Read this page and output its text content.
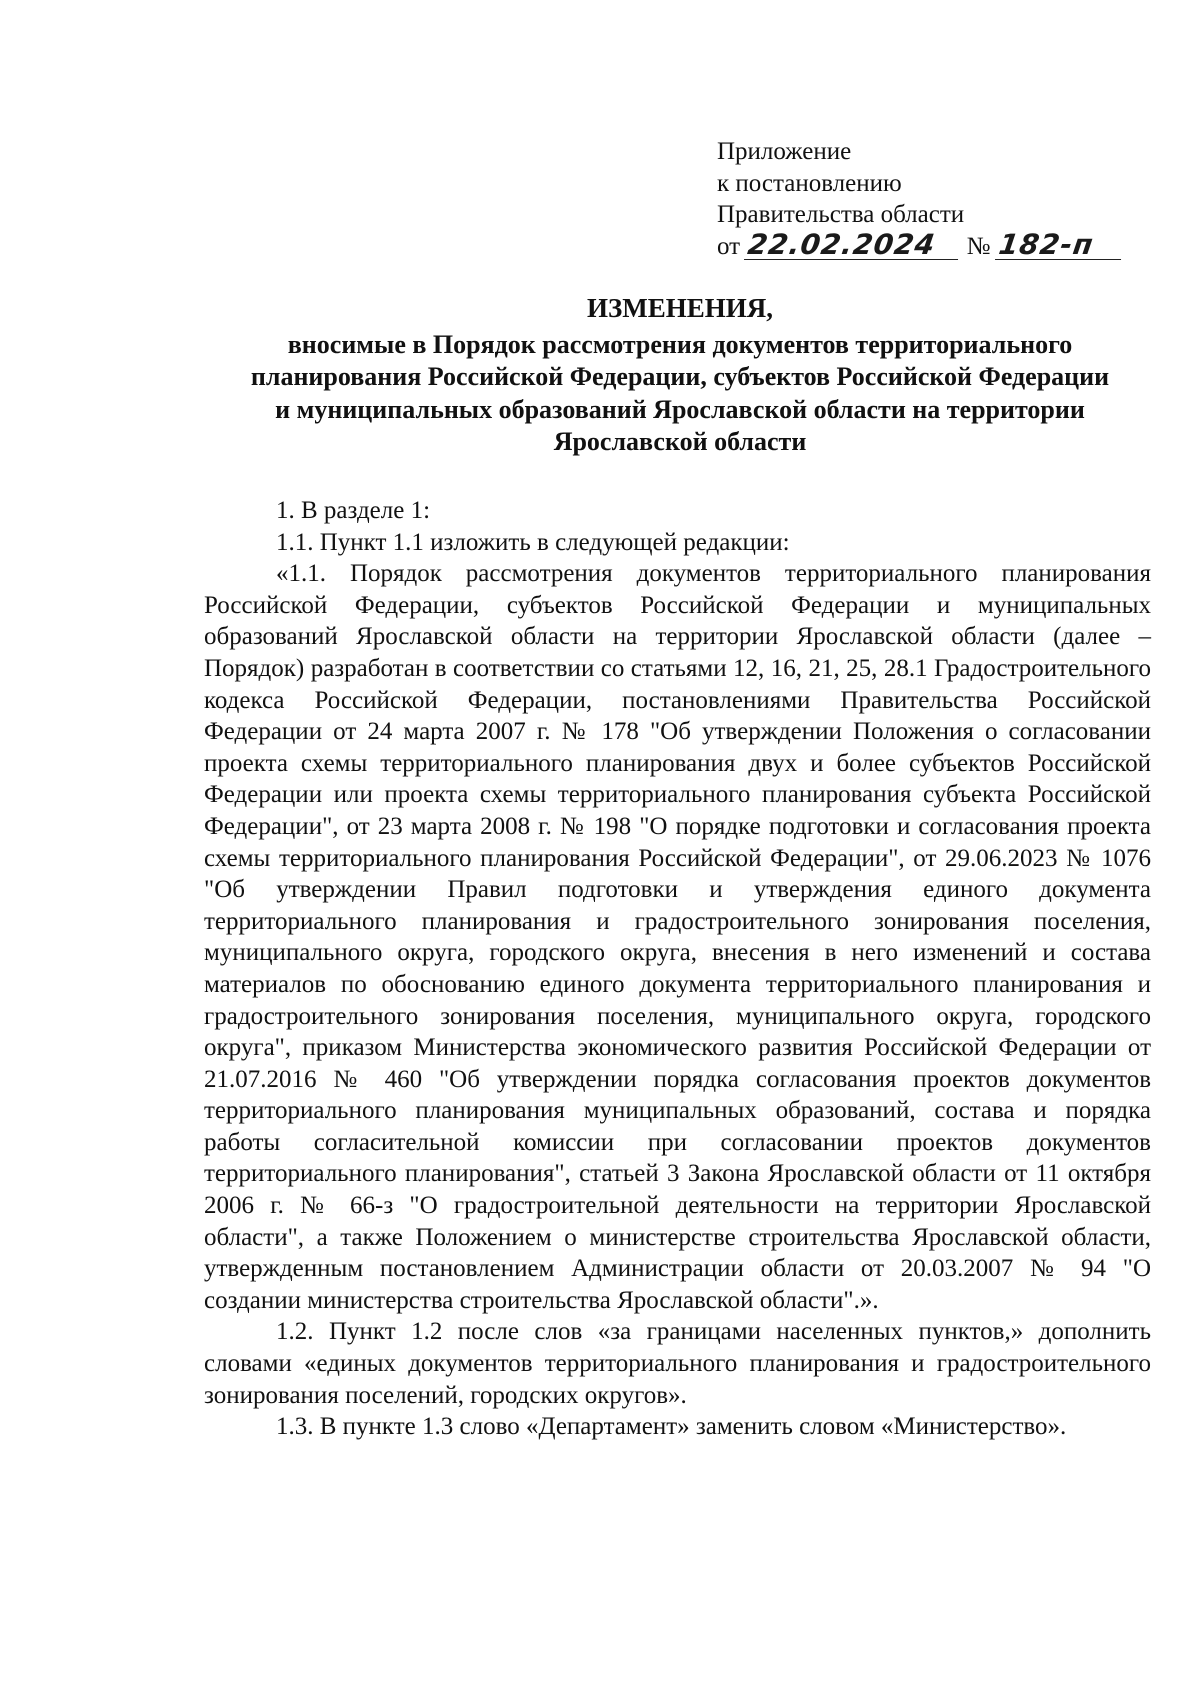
Приложение
к постановлению
Правительства области
от 22.02.2024 № 182-п
ИЗМЕНЕНИЯ,
вносимые в Порядок рассмотрения документов территориального
планирования Российской Федерации, субъектов Российской Федерации
и муниципальных образований Ярославской области на территории
Ярославской области

1. В разделе 1:

1.1. Пункт 1.1 изложить в следующей редакции:

«1.1. Порядок рассмотрения документов территориального планирования Российской Федерации, субъектов Российской Федерации и муниципальных образований Ярославской области на территории Ярославской области (далее – Порядок) разработан в соответствии со статьями 12, 16, 21, 25, 28.1 Градостроительного кодекса Российской Федерации, постановлениями Правительства Российской Федерации от 24 марта 2007 г. № 178 "Об утверждении Положения о согласовании проекта схемы территориального планирования двух и более субъектов Российской Федерации или проекта схемы территориального планирования субъекта Российской Федерации", от 23 марта 2008 г. № 198 "О порядке подготовки и согласования проекта схемы территориального планирования Российской Федерации", от 29.06.2023 № 1076 "Об утверждении Правил подготовки и утверждения единого документа территориального планирования и градостроительного зонирования поселения, муниципального округа, городского округа, внесения в него изменений и состава материалов по обоснованию единого документа территориального планирования и градостроительного зонирования поселения, муниципального округа, городского округа", приказом Министерства экономического развития Российской Федерации от 21.07.2016 № 460 "Об утверждении порядка согласования проектов документов территориального планирования муниципальных образований, состава и порядка работы согласительной комиссии при согласовании проектов документов территориального планирования", статьей 3 Закона Ярославской области от 11 октября 2006 г. № 66-з "О градостроительной деятельности на территории Ярославской области", а также Положением о министерстве строительства Ярославской области, утвержденным постановлением Администрации области от 20.03.2007 № 94 "О создании министерства строительства Ярославской области".».

1.2. Пункт 1.2 после слов «за границами населенных пунктов,» дополнить словами «единых документов территориального планирования и градостроительного зонирования поселений, городских округов».

1.3. В пункте 1.3 слово «Департамент» заменить словом «Министерство».
